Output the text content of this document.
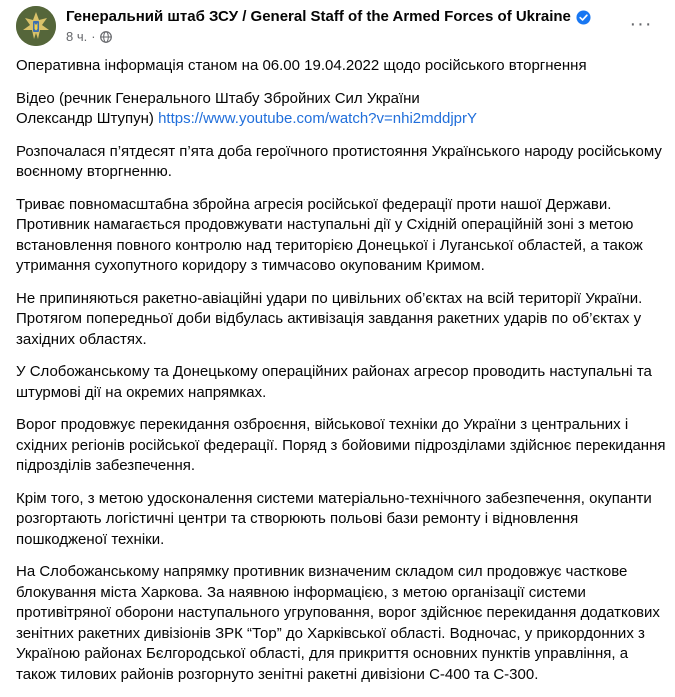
Генеральний штаб ЗСУ / General Staff of the Armed Forces of Ukraine
8 ч. ·
···

Оперативна інформація станом на 06.00 19.04.2022 щодо російського вторгнення

Відео (речник Генерального Штабу Збройних Сил України
Олександр Штупун) https://www.youtube.com/watch?v=nhi2mddjprY

Розпочалася п’ятдесят п’ята доба героїчного протистояння Українського народу російському воєнному вторгненню.

Триває повномасштабна збройна агресія російської федерації проти нашої Держави. Противник намагається продовжувати наступальні дії у Східній операційній зоні з метою встановлення повного контролю над територією Донецької і Луганської областей, а також утримання сухопутного коридору з тимчасово окупованим Кримом.

Не припиняються ракетно-авіаційні удари по цивільних об’єктах на всій території України. Протягом попередньої доби відбулась активізація завдання ракетних ударів по об’єктах у західних областях.

У Слобожанському та Донецькому операційних районах агресор проводить наступальні та штурмові дії на окремих напрямках.

Ворог продовжує перекидання озброєння, військової техніки до України з центральних і східних регіонів російської федерації. Поряд з бойовими підрозділами здійснює перекидання підрозділів забезпечення.

Крім того, з метою удосконалення системи матеріально-технічного забезпечення, окупанти розгортають логістичні центри та створюють польові бази ремонту і відновлення пошкодженої техніки.

На Слобожанському напрямку противник визначеним складом сил продовжує часткове блокування міста Харкова. За наявною інформацією, з метою організації системи противітряної оборони наступального угруповання, ворог здійснює перекидання додаткових зенітних ракетних дивізіонів ЗРК “Тор” до Харківської області. Водночас, у прикордонних з Україною районах Бєлгородської області, для прикриття основних пунктів управління, а також тилових районів розгорнуто зенітні ракетні дивізіони С-400 та С-300.
